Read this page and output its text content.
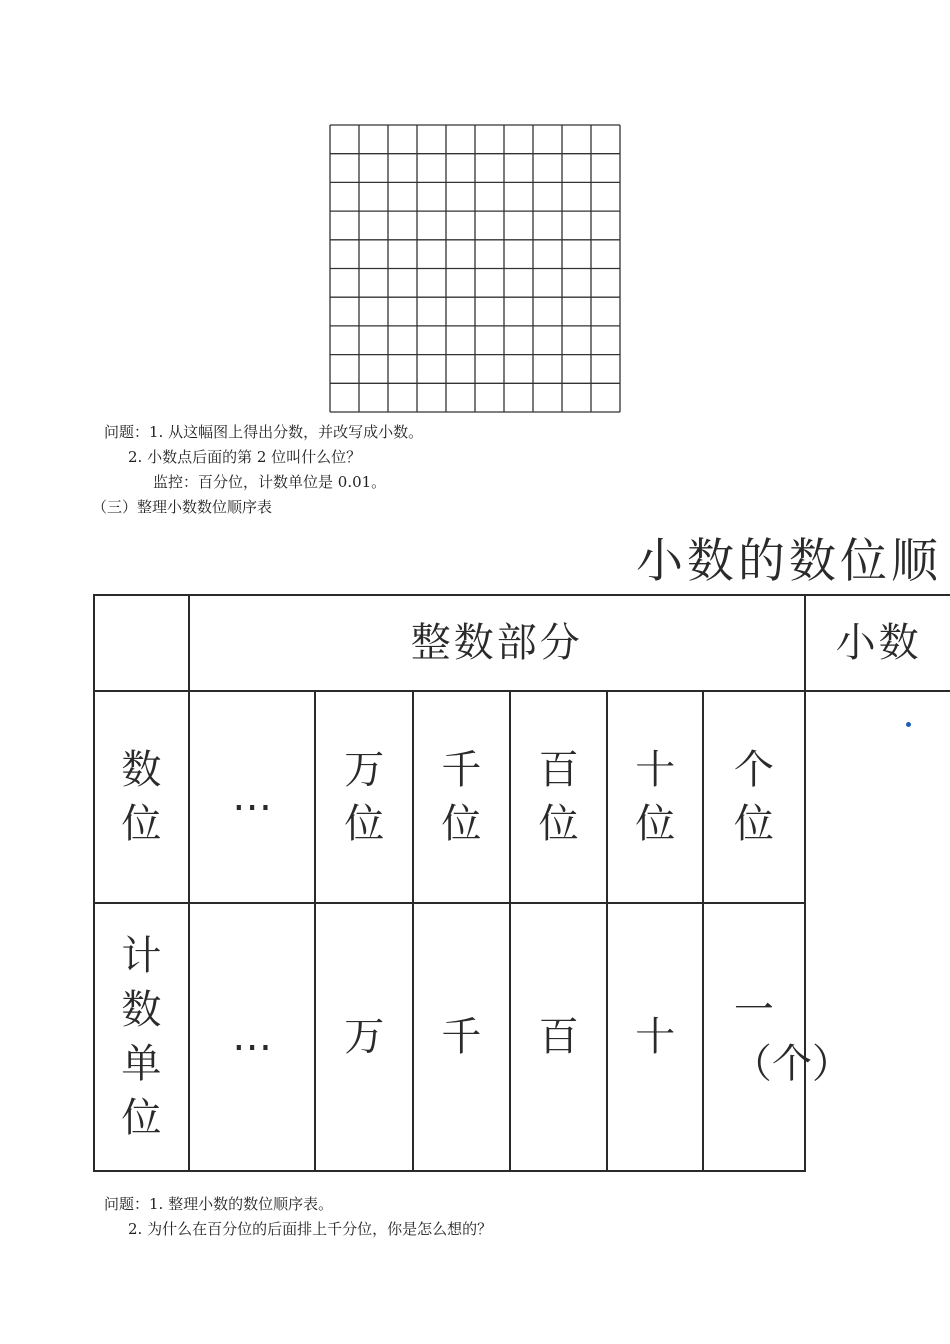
问题：1. 从这幅图上得出分数，并改写成小数。
2. 小数点后面的第 2 位叫什么位？
监控：百分位，计数单位是 0.01。
（三）整理小数数位顺序表
小数的数位顺
	整数部分						小数
数位	…	万位	千位	百位	十位	个位	

计数单位	…	万	千	百	十	一（个）	
问题：1. 整理小数的数位顺序表。
2. 为什么在百分位的后面排上千分位，你是怎么想的？
